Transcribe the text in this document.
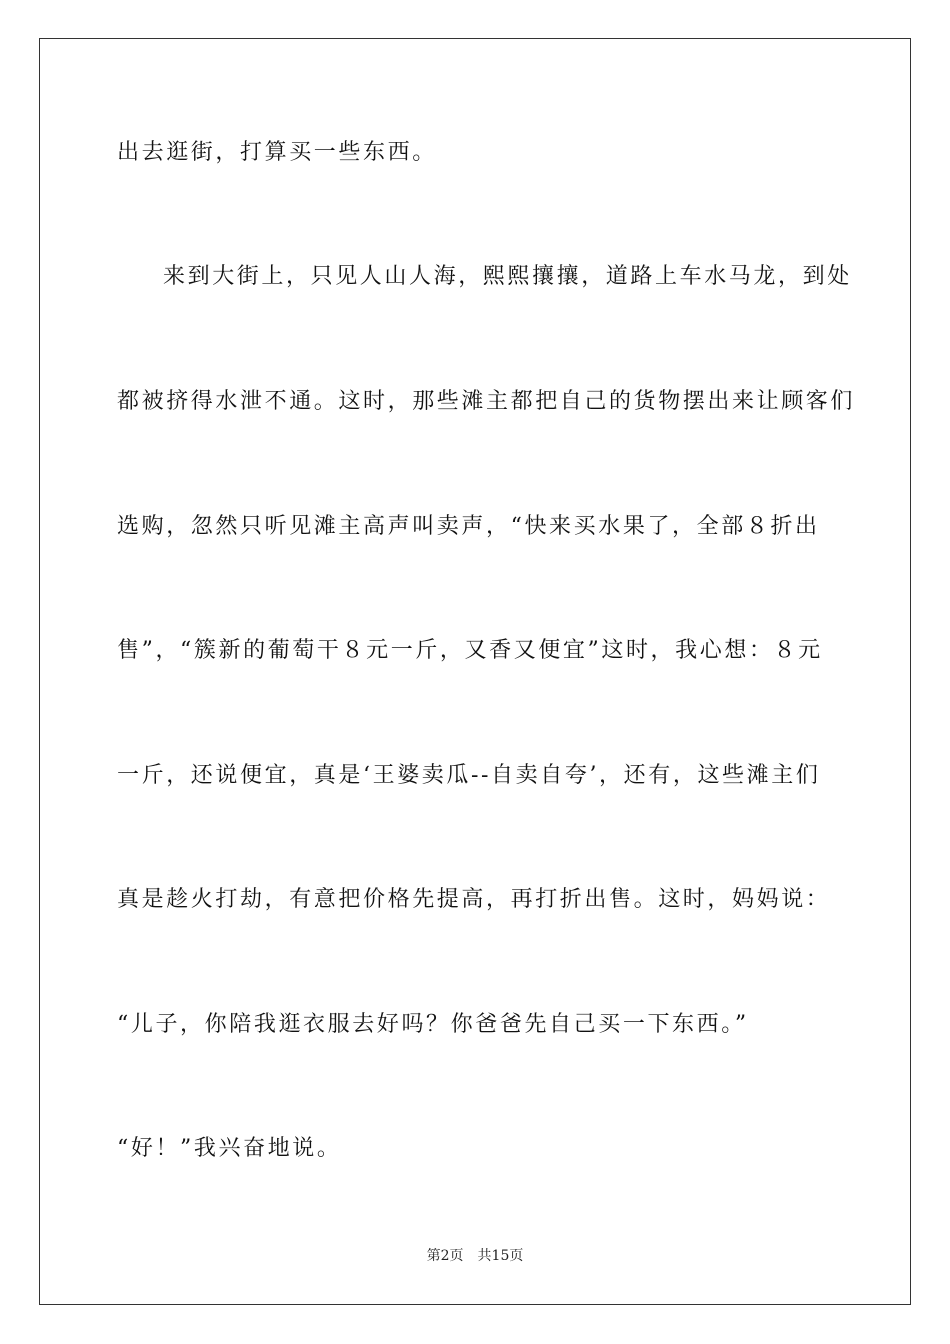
出去逛街，打算买一些东西。
来到大街上，只见人山人海，熙熙攘攘，道路上车水马龙，到处
都被挤得水泄不通。这时，那些滩主都把自己的货物摆出来让顾客们
选购，忽然只听见滩主高声叫卖声，“快来买水果了，全部８折出
售”，“簇新的葡萄干８元一斤，又香又便宜”这时，我心想：８元
一斤，还说便宜，真是‘王婆卖瓜--自卖自夸’，还有，这些滩主们
真是趁火打劫，有意把价格先提高，再打折出售。这时，妈妈说：
“儿子，你陪我逛衣服去好吗？你爸爸先自己买一下东西。”
“好！”我兴奋地说。
第2页　共15页
